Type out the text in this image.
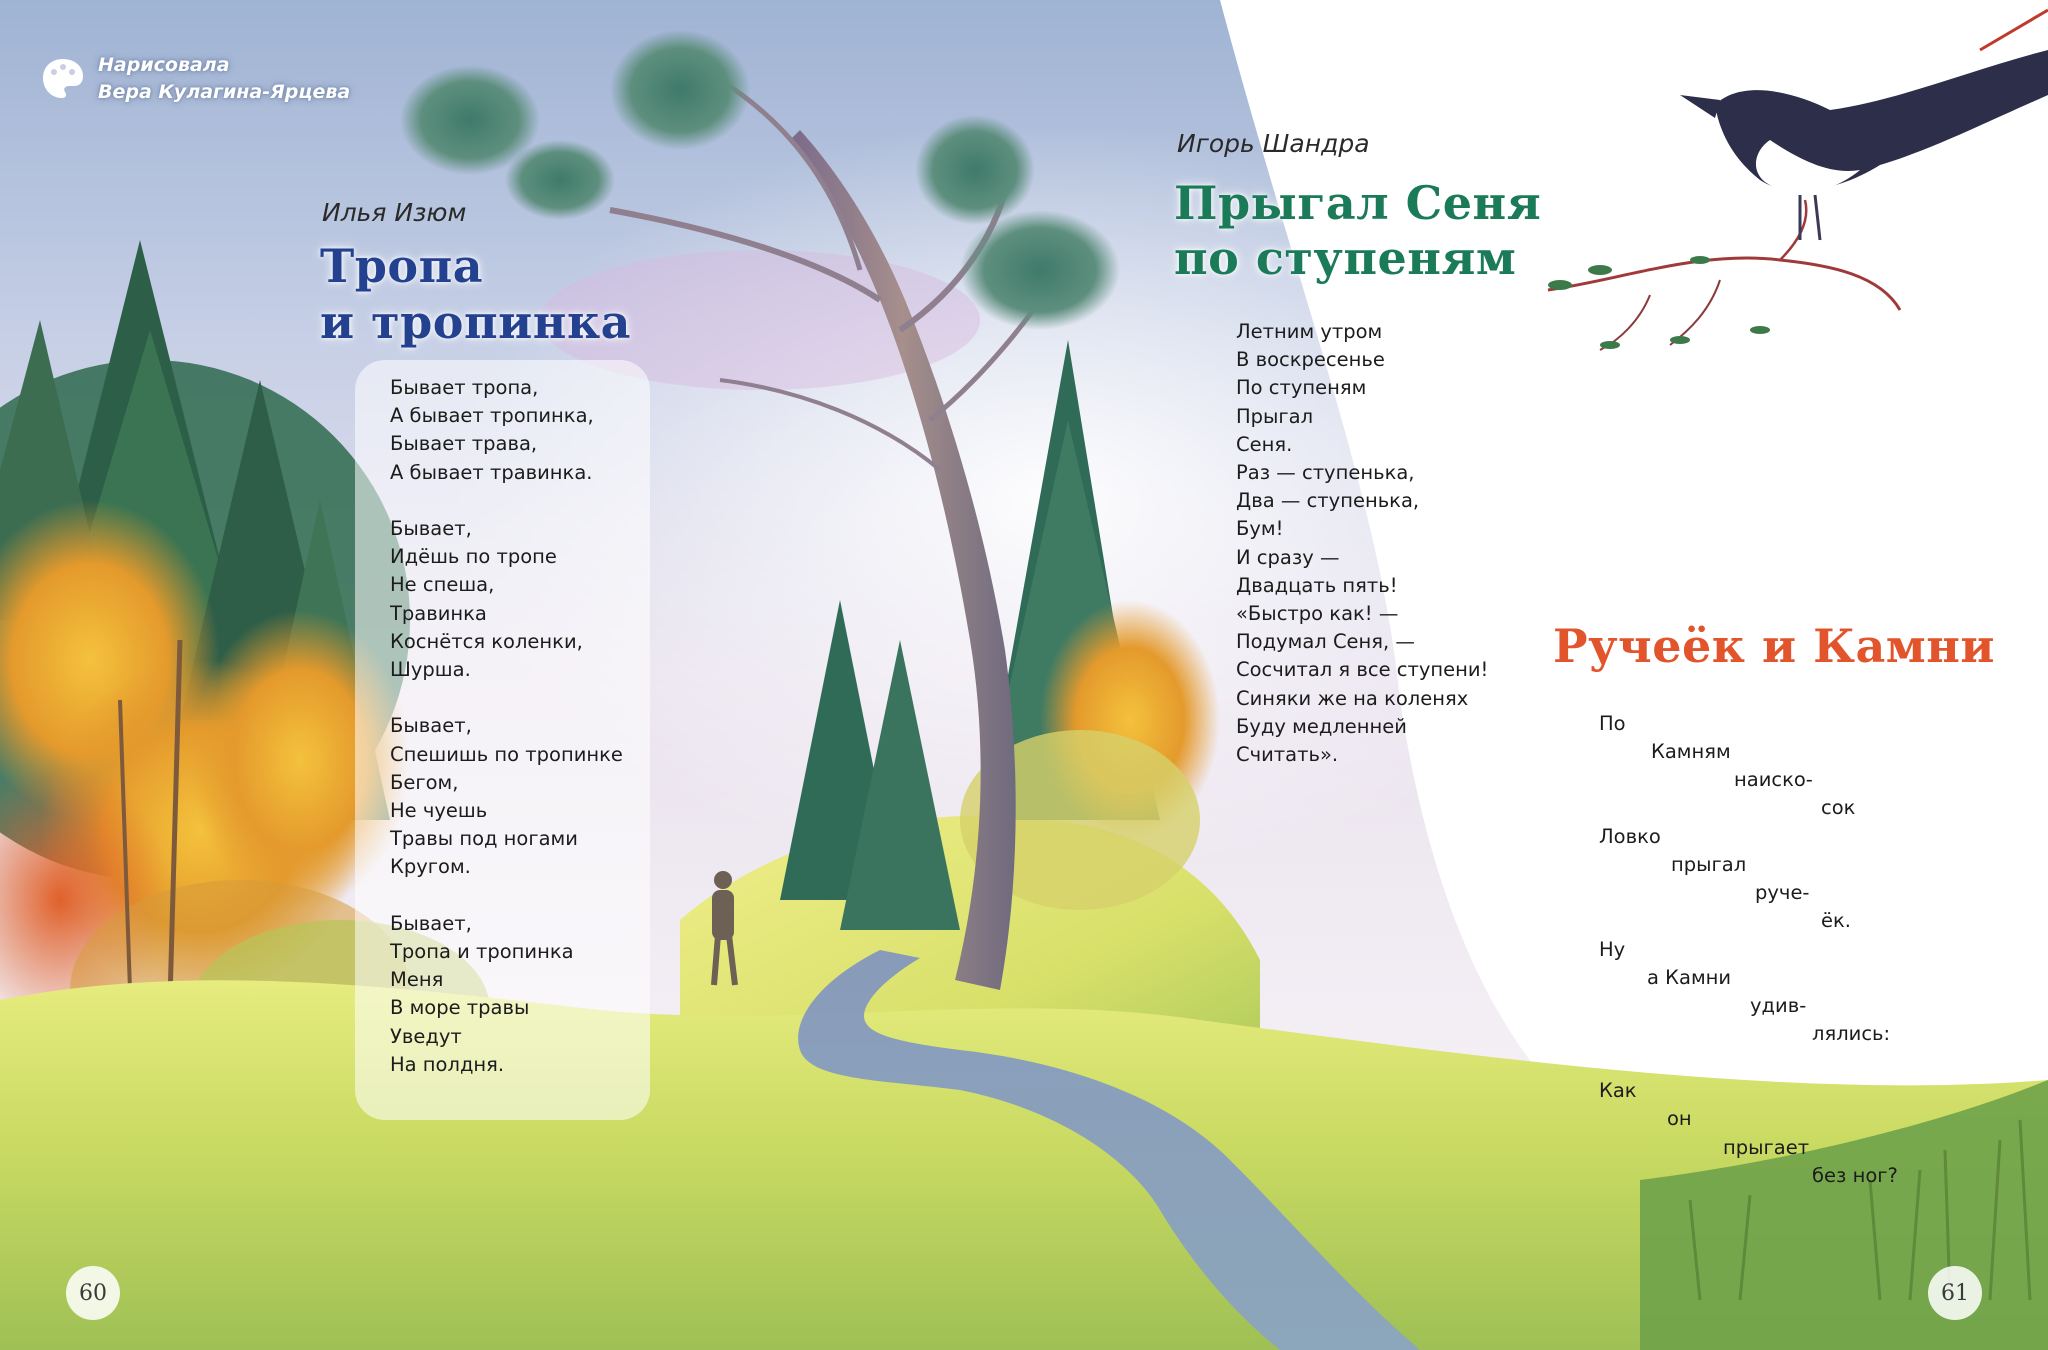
Нарисовала
Вера Кулагина-Ярцева

Илья Изюм

Тропа
и тропинка
Бывает тропа,
А бывает тропинка,
Бывает трава,
А бывает травинка.
Бывает,
Идёшь по тропе
Не спеша,
Травинка
Коснётся коленки,
Шурша.
Бывает,
Спешишь по тропинке
Бегом,
Не чуешь
Травы под ногами
Кругом.
Бывает,
Тропа и тропинка
Меня
В море травы
Уведут
На полдня.

Игорь Шандра

Прыгал Сеня
по ступеням
Летним утром
В воскресенье
По ступеням
Прыгал
Сеня.
Раз — ступенька,
Два — ступенька,
Бум!
И сразу —
Двадцать пять!
«Быстро как! —
Подумал Сеня, —
Сосчитал я все ступени!
Синяки же на коленях
Буду медленней
Считать».
Ручеёк и Камни
По
Камням
наиско-
сок
Ловко
прыгал
руче-
ёк.
Ну
а Камни
удив-
лялись:
Как
он
прыгает
без ног?
60	61
